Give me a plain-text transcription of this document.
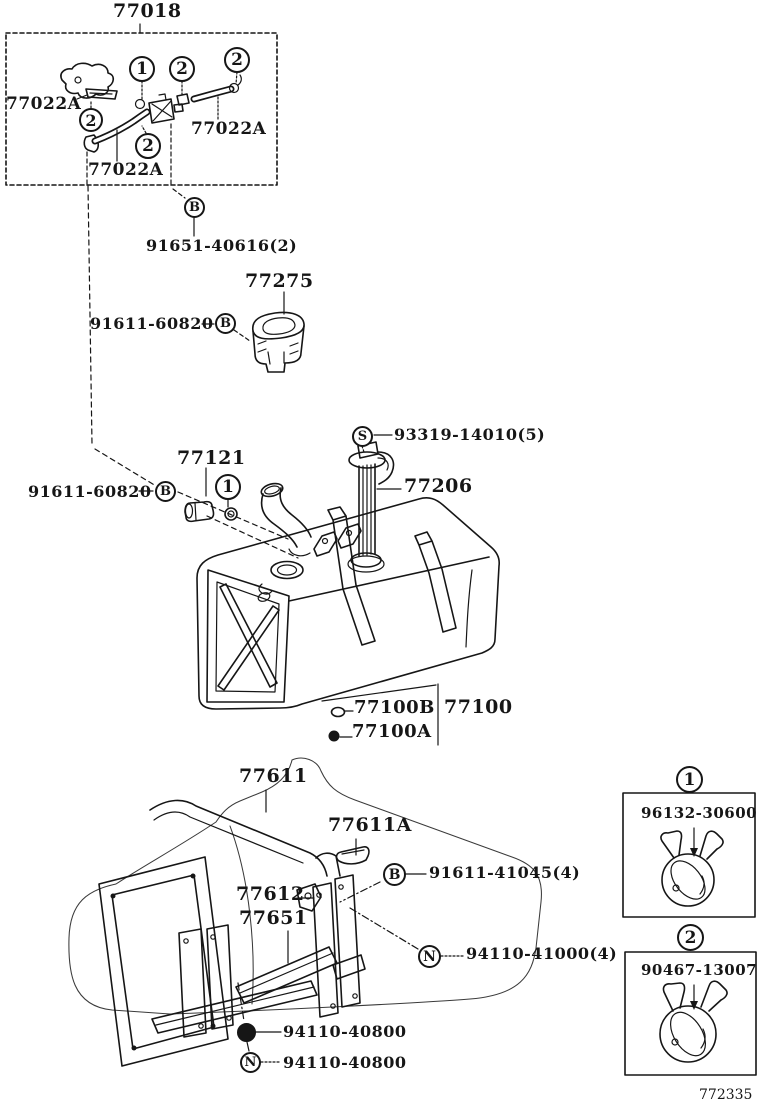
77018
77022A
77022A
77022A
91651-40616(2)
77275
91611-60820
91611-60820
77121
93319-14010(5)
77206
77100B 77100
77100A
77611
77611A
77612
77651
91611-41045(4)
94110-41000(4)
94110-40800
94110-40800
96132-30600
90467-13007
772335
1 2	2
2
2
B
B
B	1
S
B
N
N
1
2
